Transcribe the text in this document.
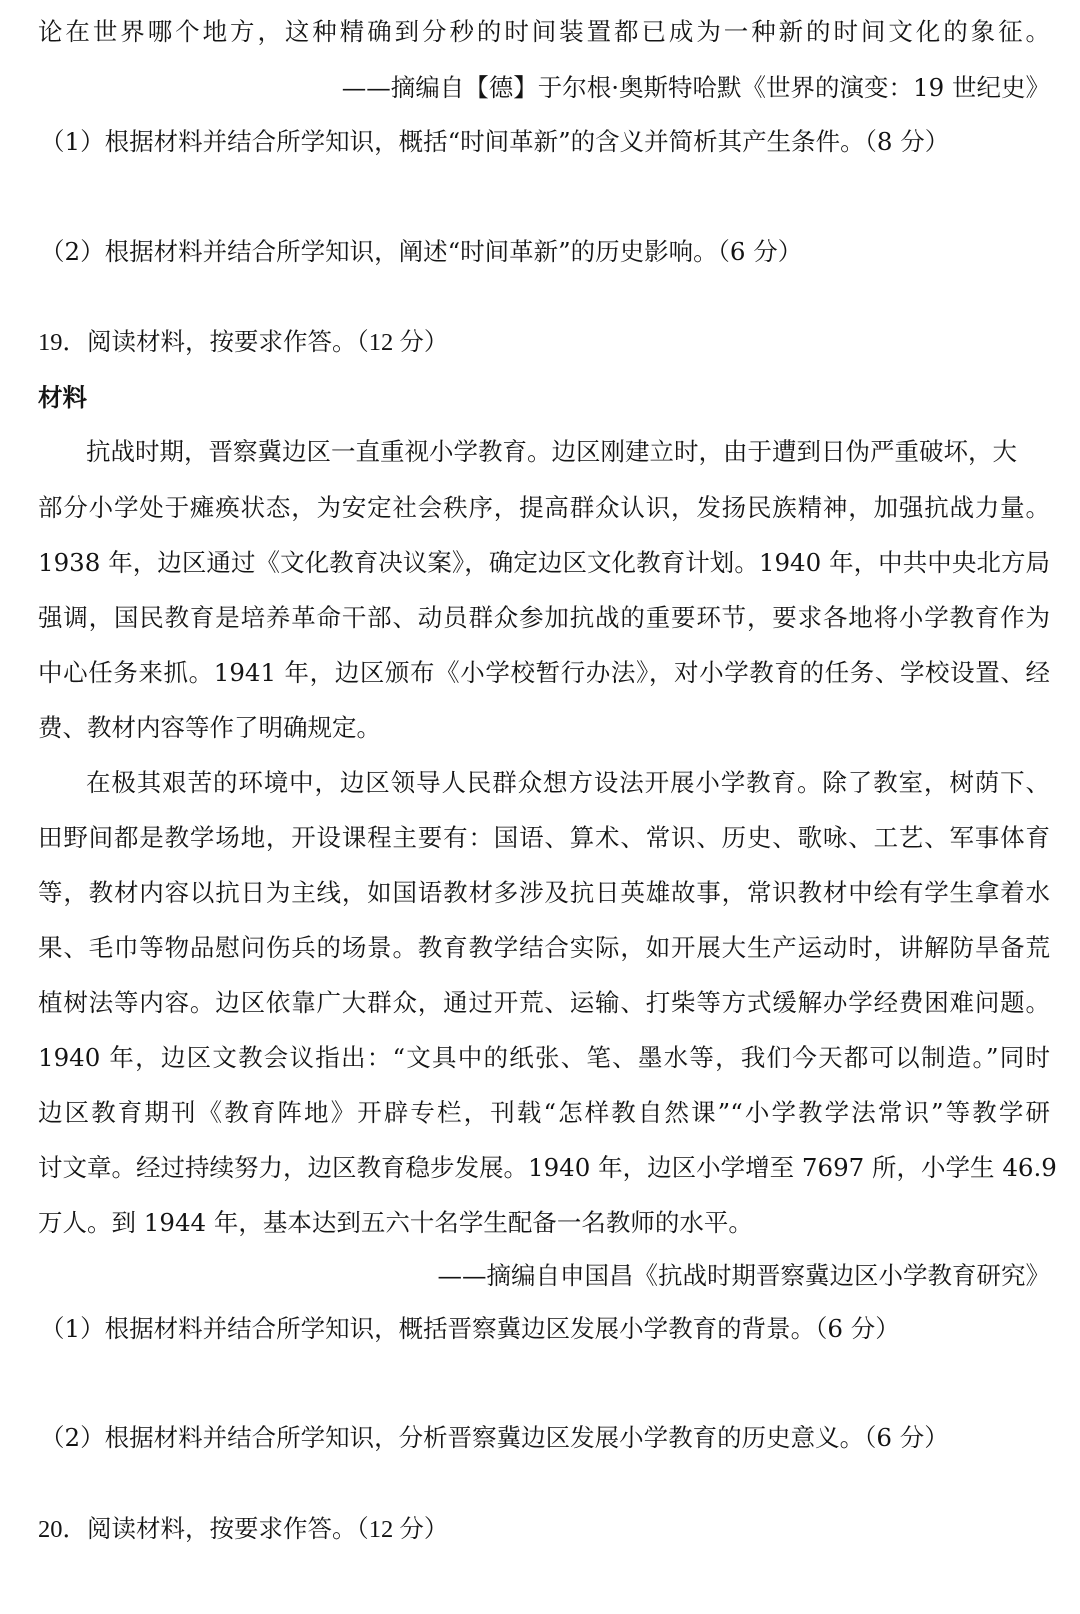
论在世界哪个地方，这种精确到分秒的时间装置都已成为一种新的时间文化的象征。
——摘编自【德】于尔根·奥斯特哈默《世界的演变：19 世纪史》
（1）根据材料并结合所学知识，概括“时间革新”的含义并简析其产生条件。（8 分）
（2）根据材料并结合所学知识，阐述“时间革新”的历史影响。（6 分）
19．阅读材料，按要求作答。（12 分）
材料
抗战时期，晋察冀边区一直重视小学教育。边区刚建立时，由于遭到日伪严重破坏，大
部分小学处于瘫痪状态，为安定社会秩序，提高群众认识，发扬民族精神，加强抗战力量。
1938 年，边区通过《文化教育决议案》，确定边区文化教育计划。1940 年，中共中央北方局
强调，国民教育是培养革命干部、动员群众参加抗战的重要环节，要求各地将小学教育作为
中心任务来抓。1941 年，边区颁布《小学校暂行办法》，对小学教育的任务、学校设置、经
费、教材内容等作了明确规定。
在极其艰苦的环境中，边区领导人民群众想方设法开展小学教育。除了教室，树荫下、
田野间都是教学场地，开设课程主要有：国语、算术、常识、历史、歌咏、工艺、军事体育
等，教材内容以抗日为主线，如国语教材多涉及抗日英雄故事，常识教材中绘有学生拿着水
果、毛巾等物品慰问伤兵的场景。教育教学结合实际，如开展大生产运动时，讲解防旱备荒
植树法等内容。边区依靠广大群众，通过开荒、运输、打柴等方式缓解办学经费困难问题。
1940 年，边区文教会议指出：“文具中的纸张、笔、墨水等，我们今天都可以制造。”同时
边区教育期刊《教育阵地》开辟专栏，刊载“怎样教自然课”“小学教学法常识”等教学研
讨文章。经过持续努力，边区教育稳步发展。1940 年，边区小学增至 7697 所，小学生 46.9
万人。到 1944 年，基本达到五六十名学生配备一名教师的水平。
——摘编自申国昌《抗战时期晋察冀边区小学教育研究》
（1）根据材料并结合所学知识，概括晋察冀边区发展小学教育的背景。（6 分）
（2）根据材料并结合所学知识，分析晋察冀边区发展小学教育的历史意义。（6 分）
20．阅读材料，按要求作答。（12 分）
